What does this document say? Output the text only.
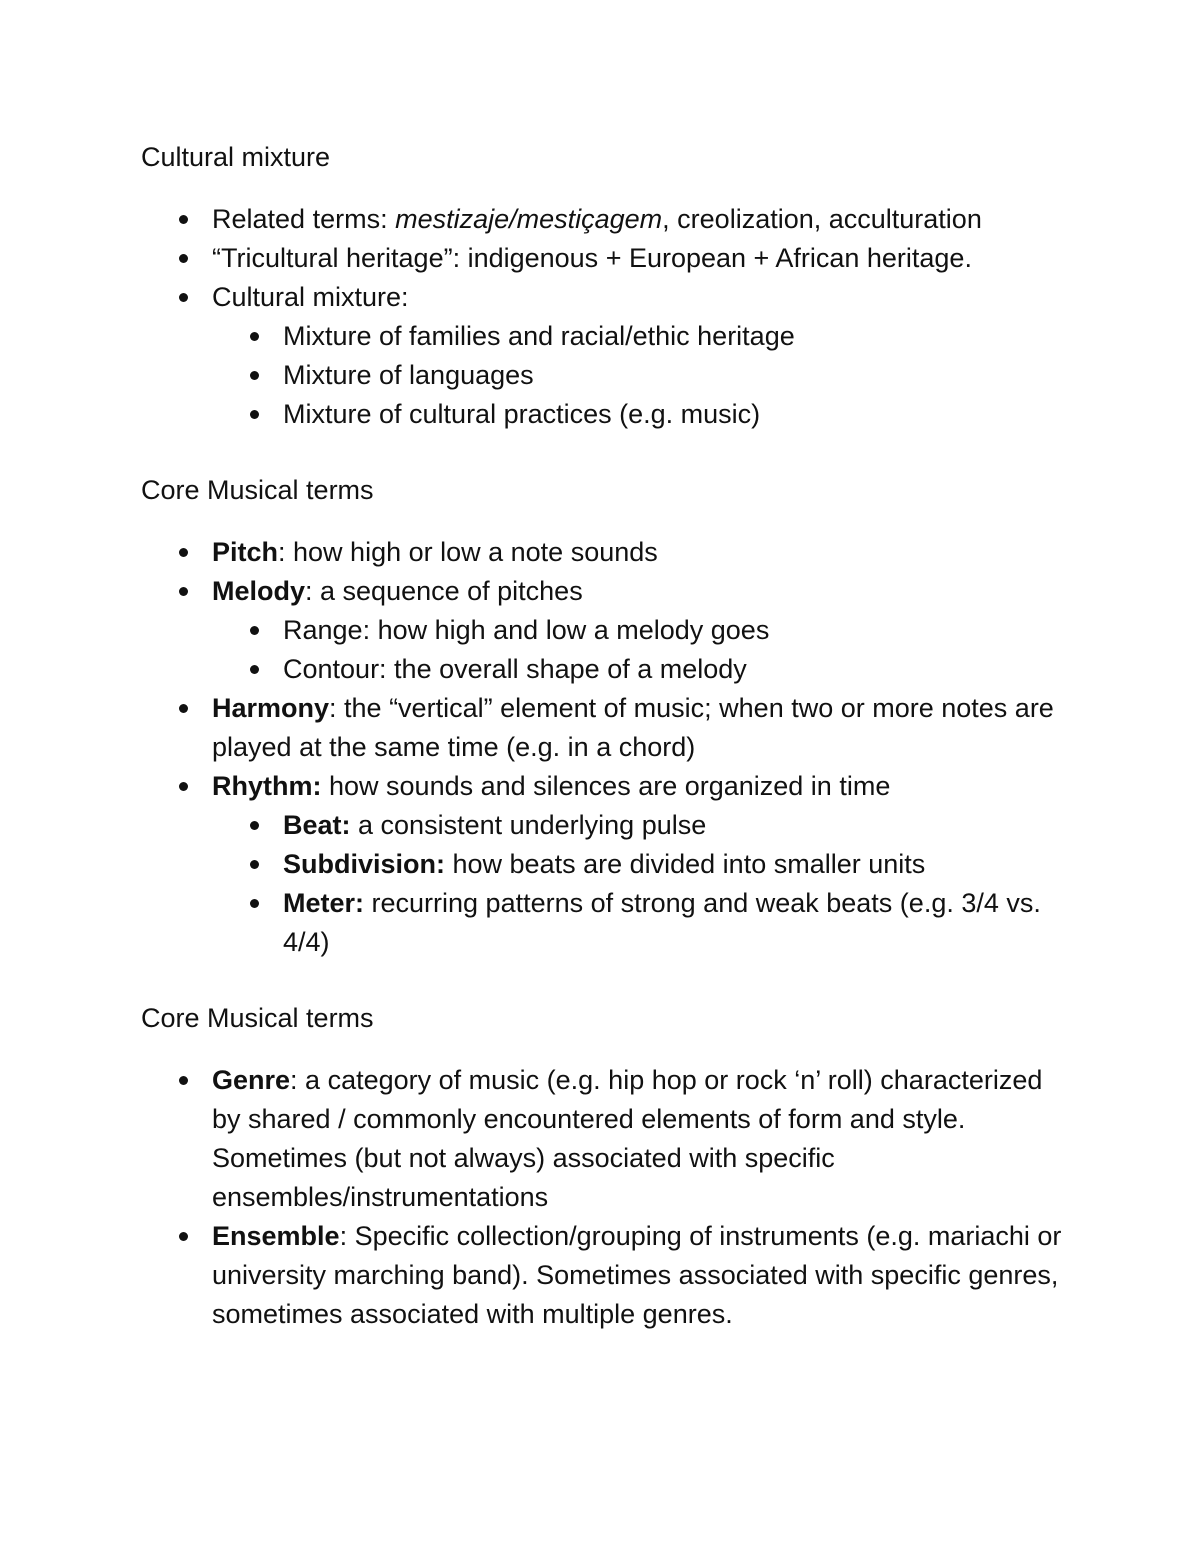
Cultural mixture
Related terms: mestizaje/mestiçagem, creolization, acculturation
“Tricultural heritage”: indigenous + European + African heritage.
Cultural mixture:
Mixture of families and racial/ethic heritage
Mixture of languages
Mixture of cultural practices (e.g. music)
Core Musical terms
Pitch: how high or low a note sounds
Melody: a sequence of pitches
Range: how high and low a melody goes
Contour: the overall shape of a melody
Harmony: the “vertical” element of music; when two or more notes are played at the same time (e.g. in a chord)
Rhythm: how sounds and silences are organized in time
Beat: a consistent underlying pulse
Subdivision: how beats are divided into smaller units
Meter: recurring patterns of strong and weak beats (e.g. 3/4 vs. 4/4)
Core Musical terms
Genre: a category of music (e.g. hip hop or rock ‘n’ roll) characterized by shared / commonly encountered elements of form and style. Sometimes (but not always) associated with specific ensembles/instrumentations
Ensemble: Specific collection/grouping of instruments (e.g. mariachi or university marching band). Sometimes associated with specific genres, sometimes associated with multiple genres.
